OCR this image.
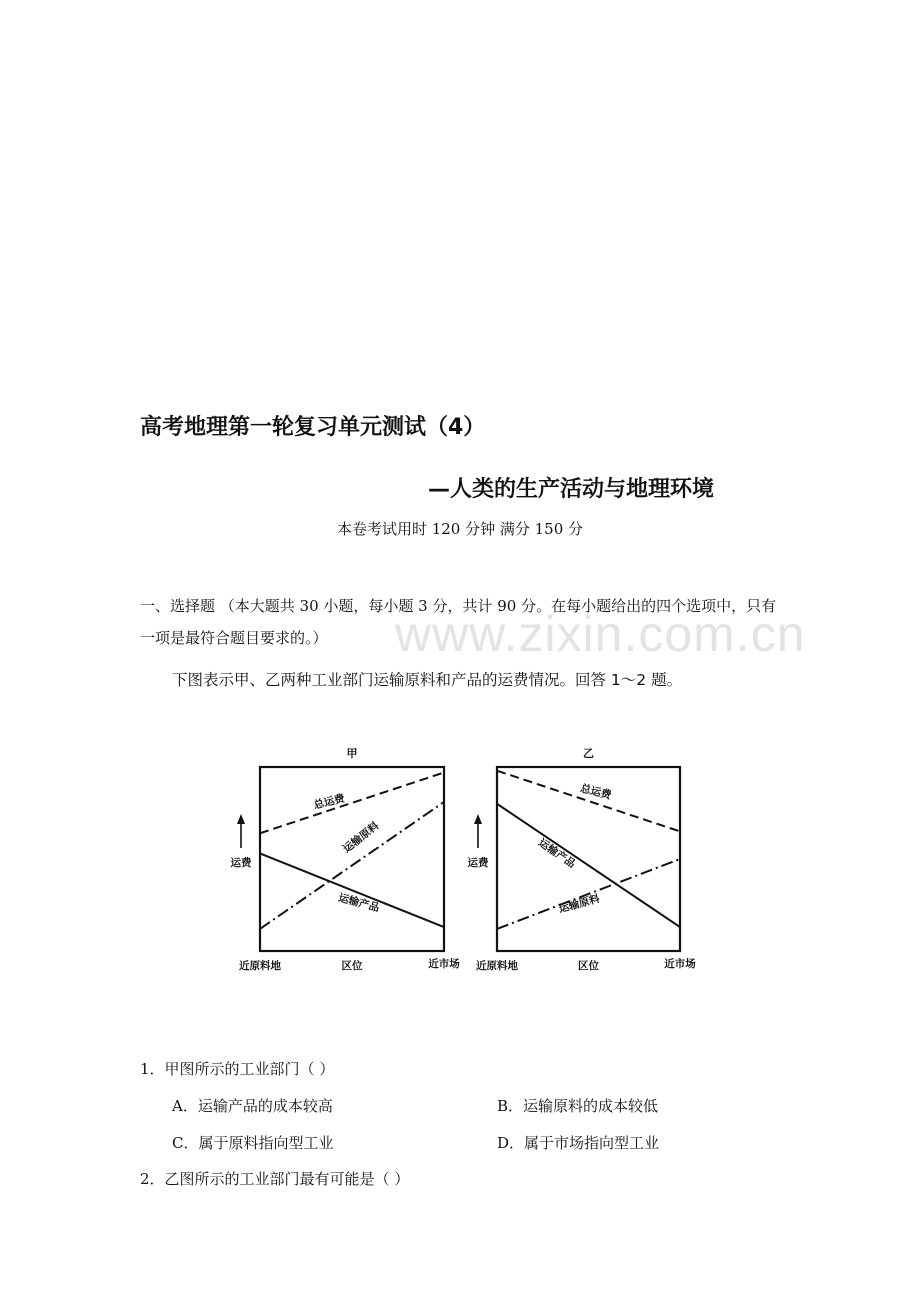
高考地理第一轮复习单元测试（4）
—人类的生产活动与地理环境
本卷考试用时 120 分钟 满分 150 分
一、选择题 （本大题共 30 小题，每小题 3 分，共计 90 分。在每小题给出的四个选项中，只有一项是最符合题目要求的。）	www.zixin.com.cn
下图表示甲、乙两种工业部门运输原料和产品的运费情况。回答 1～2 题。
甲
运费
近原料地	近市场
区位
总运费
运输原料
运输产品
乙
运费
近原料地	近市场
区位
总运费
运输产品
运输原料
1．甲图所示的工业部门（ ）
A．运输产品的成本较高	B．运输原料的成本较低
C．属于原料指向型工业	D．属于市场指向型工业
2．乙图所示的工业部门最有可能是（ ）
